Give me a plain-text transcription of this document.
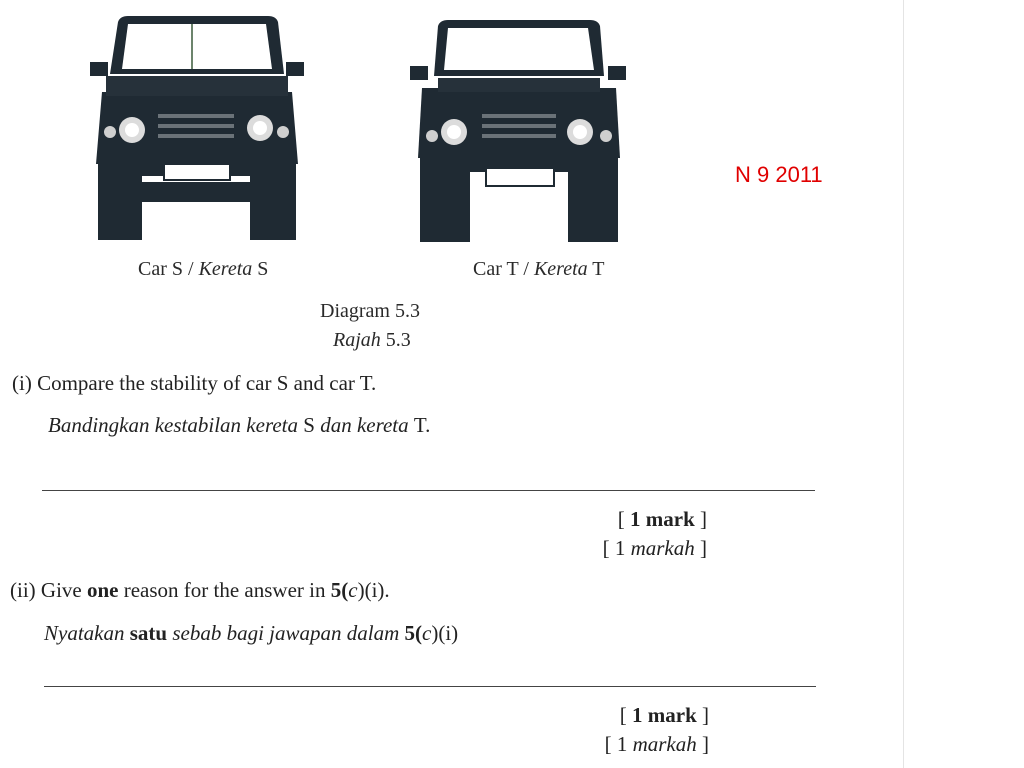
Car S / Kereta S	Car T / Kereta T
Diagram 5.3
Rajah 5.3
N 9 2011
(i) Compare the stability of car S and car T.
Bandingkan kestabilan kereta S dan kereta T.
[ 1 mark ]
[ 1 markah ]
(ii) Give one reason for the answer in 5(c)(i).
Nyatakan satu sebab bagi jawapan dalam 5(c)(i)
[ 1 mark ]
[ 1 markah ]
